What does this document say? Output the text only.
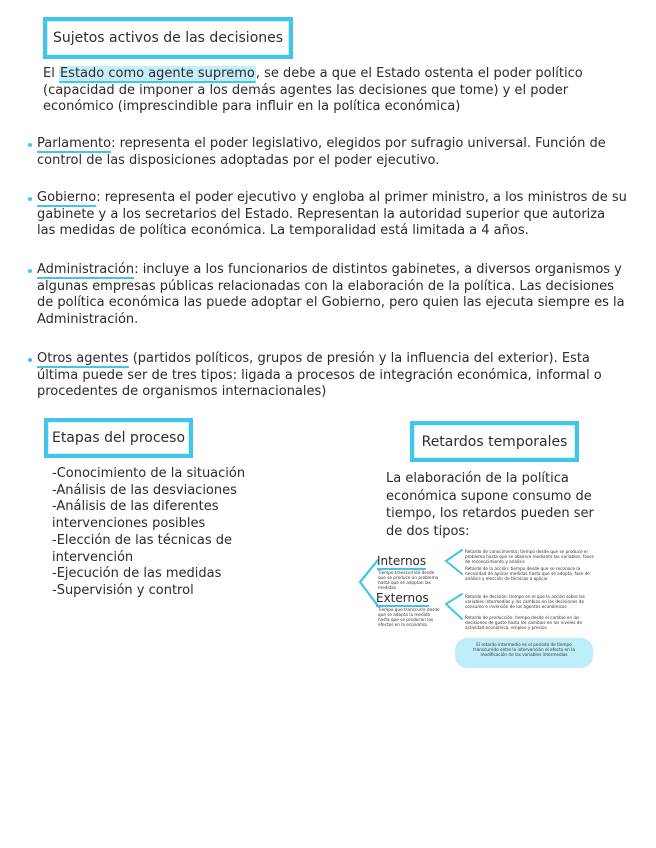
Sujetos activos de las decisiones
El Estado como agente supremo, se debe a que el Estado ostenta el poder político (capacidad de imponer a los demás agentes las decisiones que tome) y el poder económico (imprescindible para influir en la política económica)
Parlamento: representa el poder legislativo, elegidos por sufragio universal. Función de control de las disposiciones adoptadas por el poder ejecutivo.
Gobierno: representa el poder ejecutivo y engloba al primer ministro, a los ministros de su gabinete y a los secretarios del Estado. Representan la autoridad superior que autoriza las medidas de política económica. La temporalidad está limitada a 4 años.
Administración: incluye a los funcionarios de distintos gabinetes, a diversos organismos y algunas empresas públicas relacionadas con la elaboración de la política. Las decisiones de política económica las puede adoptar el Gobierno, pero quien las ejecuta siempre es la Administración.
Otros agentes (partidos políticos, grupos de presión y la influencia del exterior). Esta última puede ser de tres tipos: ligada a procesos de integración económica, informal o procedentes de organismos internacionales)
Etapas del proceso
-Conocimiento de la situación
-Análisis de las desviaciones
-Análisis de las diferentes
intervenciones posibles
-Elección de las técnicas de
intervención
-Ejecución de las medidas
-Supervisión y control
Retardos temporales
La elaboración de la política económica supone consumo de tiempo, los retardos pueden ser de dos tipos:
Internos
Tiempo transcurrido desde que se produce un problema hasta que se adoptan las medidas
Retardo de conocimiento: tiempo desde que se produce el problema hasta que se observa mediante las variables, fases de reconocimiento y análisis
Retardo de la acción: tiempo desde que se reconoce la necesidad de aplicar medidas hasta que se adopta, fase de análisis y elección de técnicas a aplicar
Externos
Tiempo que transcurre desde que se adopta la medida hasta que se producen los efectos en la economía
Retardo de decisión: tiempo en el que la acción sobre las variables intermedias y los cambios en las decisiones de consumo e inversión de los agentes económicos
Retardo de producción: tiempo desde el cambio en las decisiones de gasto hasta los cambios en los niveles de actividad económica, empleo y precios
El retardo intermedio es el período de tiempo transcurrido entre la intervención el efecto en la modificación de las variables intermedias
